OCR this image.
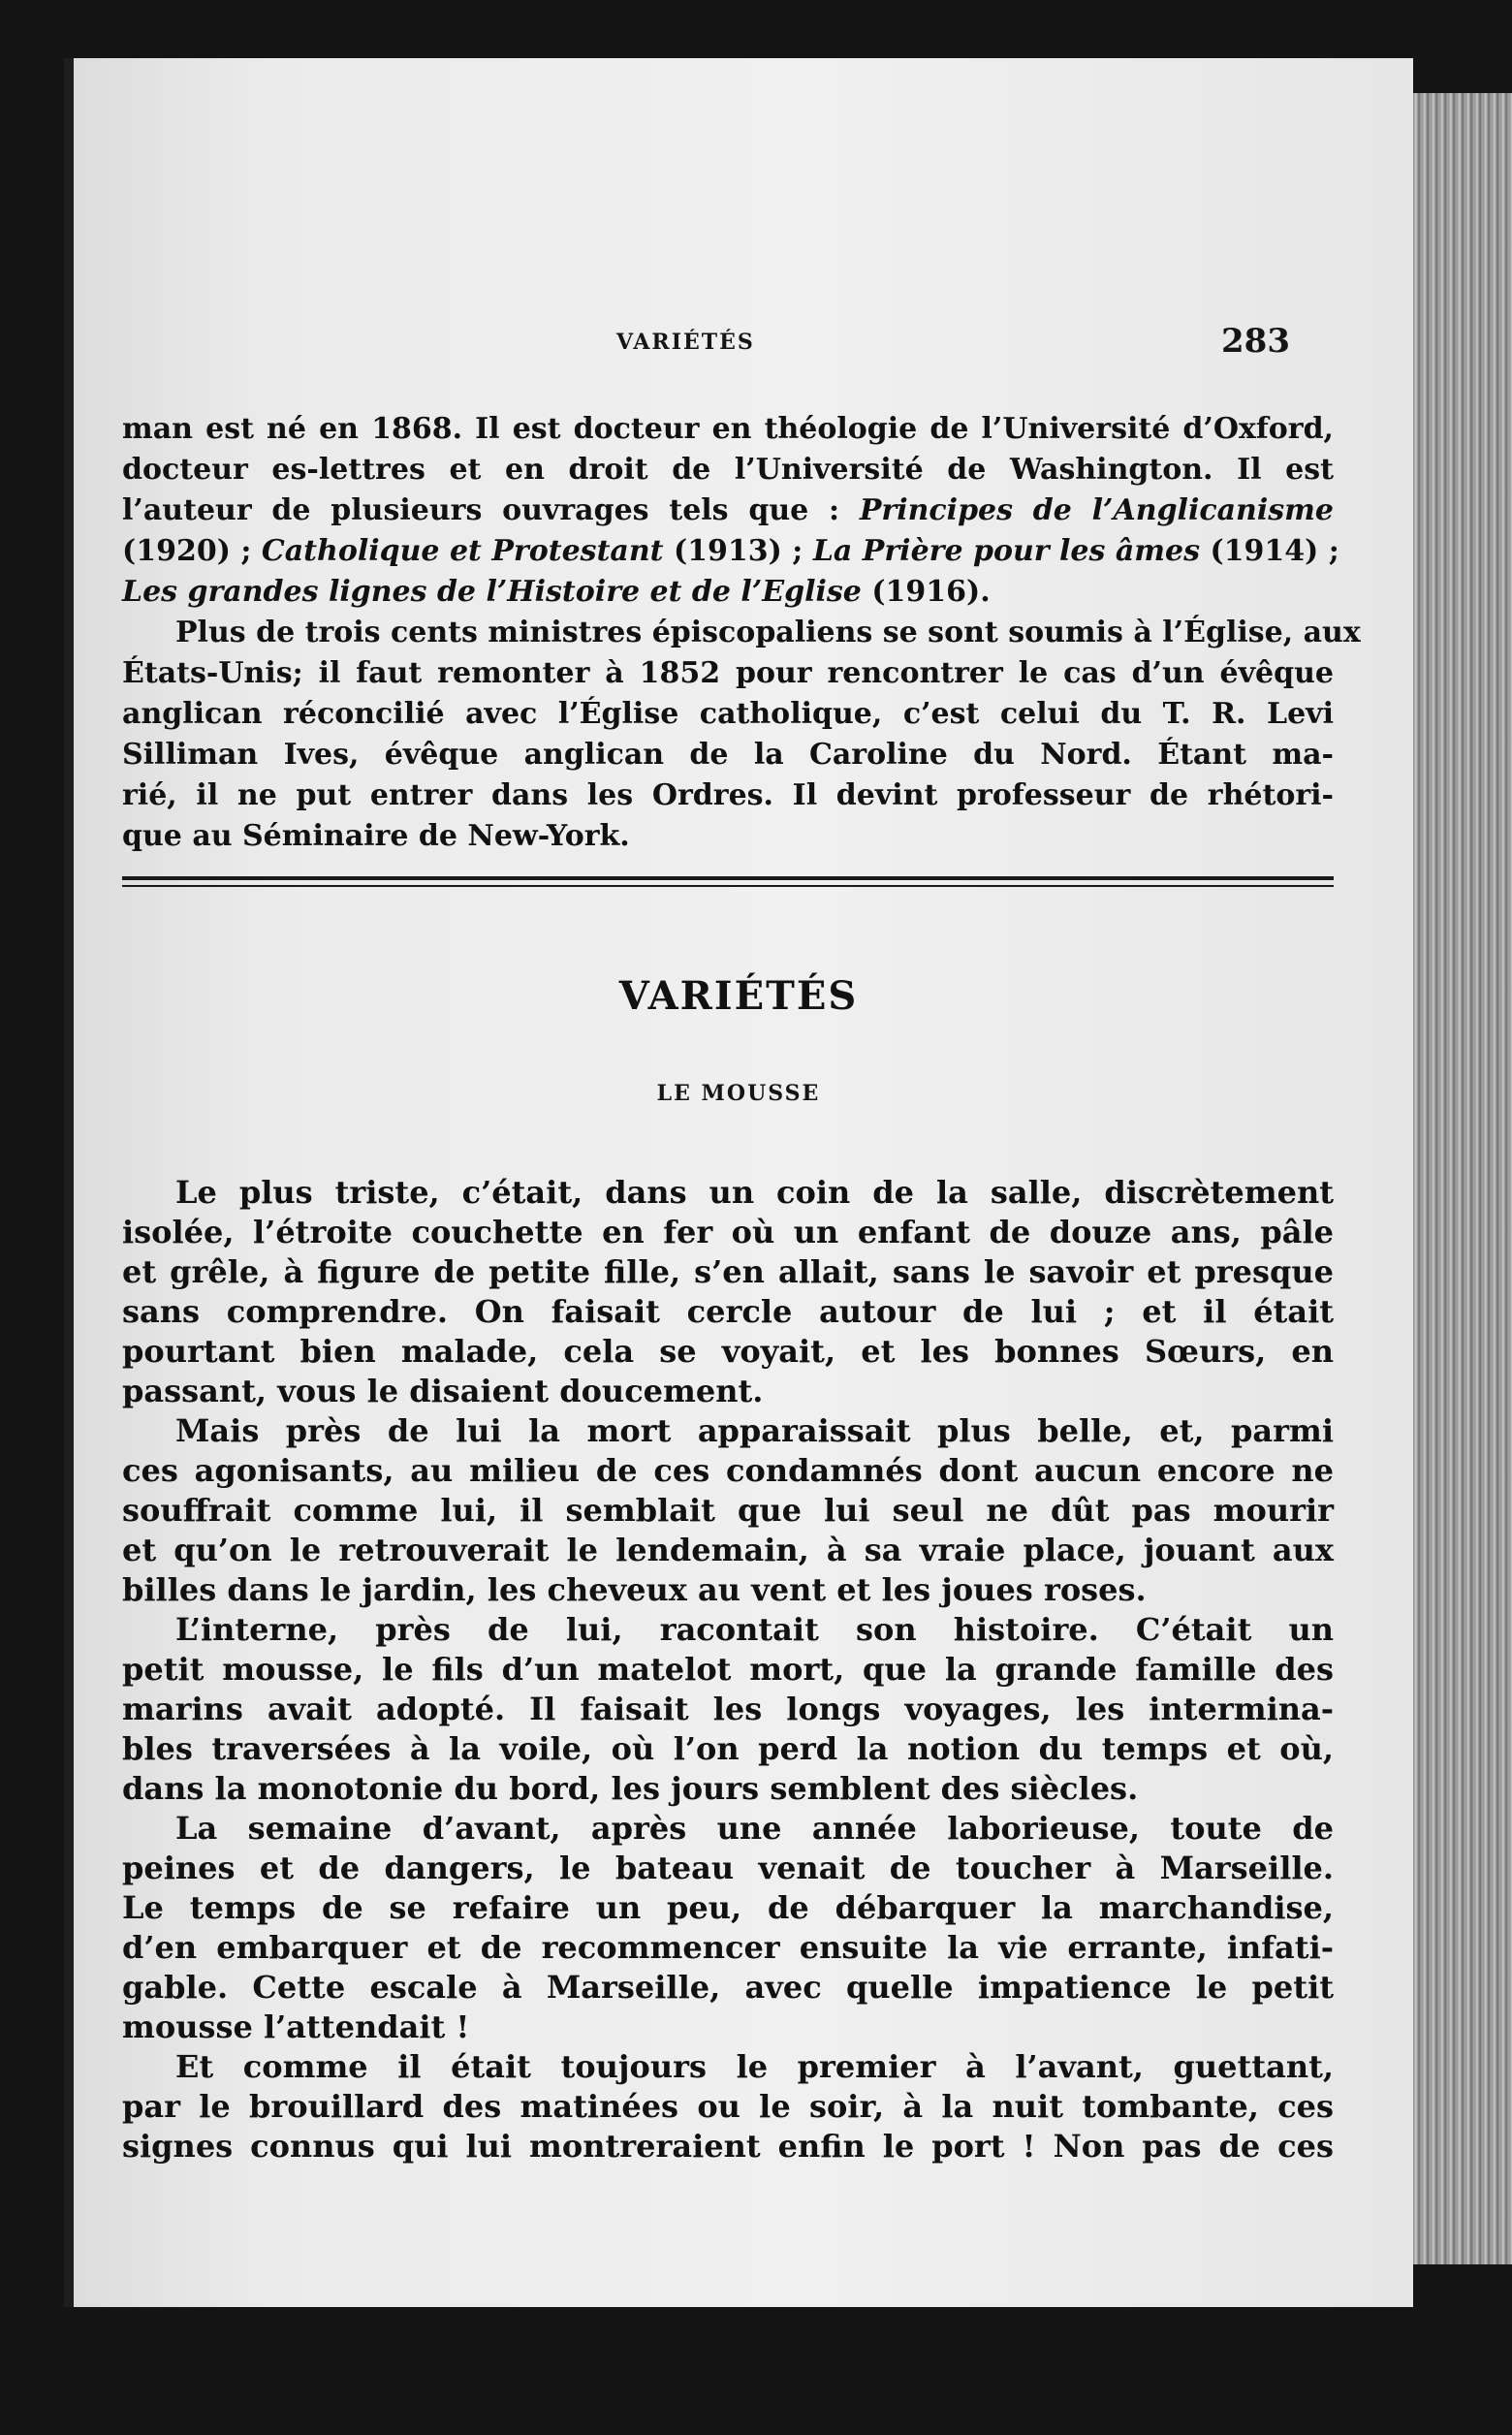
VARIÉTÉS	283
man est né en 1868. Il est docteur en théologie de l’Université d’Oxford,
docteur es-lettres et en droit de l’Université de Washington. Il est
l’auteur de plusieurs ouvrages tels que : Principes de l’Anglicanisme
(1920) ; Catholique et Protestant (1913) ; La Prière pour les âmes (1914) ;
Les grandes lignes de l’Histoire et de l’Eglise (1916).
Plus de trois cents ministres épiscopaliens se sont soumis à l’Église, aux
États-Unis; il faut remonter à 1852 pour rencontrer le cas d’un évêque
anglican réconcilié avec l’Église catholique, c’est celui du T. R. Levi
Silliman Ives, évêque anglican de la Caroline du Nord. Étant ma-
rié, il ne put entrer dans les Ordres. Il devint professeur de rhétori-
que au Séminaire de New-York.
VARIÉTÉS
LE MOUSSE
Le plus triste, c’était, dans un coin de la salle, discrètement
isolée, l’étroite couchette en fer où un enfant de douze ans, pâle
et grêle, à figure de petite fille, s’en allait, sans le savoir et presque
sans comprendre. On faisait cercle autour de lui ; et il était
pourtant bien malade, cela se voyait, et les bonnes Sœurs, en
passant, vous le disaient doucement.
Mais près de lui la mort apparaissait plus belle, et, parmi
ces agonisants, au milieu de ces condamnés dont aucun encore ne
souffrait comme lui, il semblait que lui seul ne dût pas mourir
et qu’on le retrouverait le lendemain, à sa vraie place, jouant aux
billes dans le jardin, les cheveux au vent et les joues roses.
L’interne, près de lui, racontait son histoire. C’était un
petit mousse, le fils d’un matelot mort, que la grande famille des
marins avait adopté. Il faisait les longs voyages, les intermina-
bles traversées à la voile, où l’on perd la notion du temps et où,
dans la monotonie du bord, les jours semblent des siècles.
La semaine d’avant, après une année laborieuse, toute de
peines et de dangers, le bateau venait de toucher à Marseille.
Le temps de se refaire un peu, de débarquer la marchandise,
d’en embarquer et de recommencer ensuite la vie errante, infati-
gable. Cette escale à Marseille, avec quelle impatience le petit
mousse l’attendait !
Et comme il était toujours le premier à l’avant, guettant,
par le brouillard des matinées ou le soir, à la nuit tombante, ces
signes connus qui lui montreraient enfin le port ! Non pas de ces
